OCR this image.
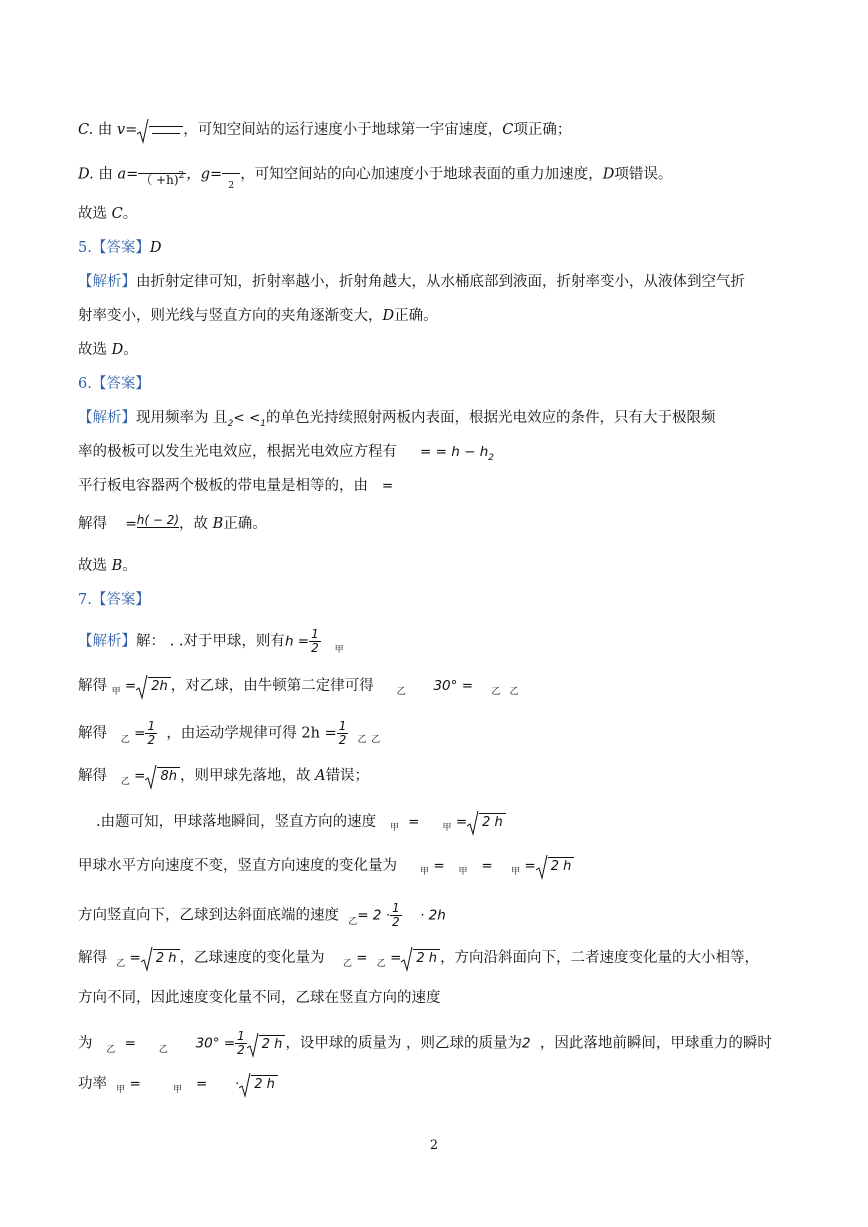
C. 由 v=	，可知空间站的运行速度小于地球第一宇宙速度，C项正确；
D. 由 a=
（ +h)$^2$ ，g=

$_2$
，可知空间站的向心加速度小于地球表面的重力加速度，D项错误。
故选 C。
5.【答案】D
【解析】由折射定律可知，折射率越小，折射角越大，从水桶底部到液面，折射率变小，从液体到空气折
射率变小，则光线与竖直方向的夹角逐渐变大，D正确。
故选 D。
6.【答案】
【解析】现用频率为 且$_2< <_1$的单色光持续照射两板内表面，根据光电效应的条件，只有大于极限频
率的极板可以发生光电效应，根据光电效应方程有 = = $h - h_2$
平行板电容器两个极板的带电量是相等的，由 =
解得 = h( − 2)
，故 B正确。
故选 B。
7.【答案】
【解析】解： . .对于甲球，则有$h = \frac{1}{2} _甲$
解得 $_甲$ = 2h ，对乙球，由牛顿第二定律可得	$_乙$ 30° = $_乙$ $_乙$
解得 $_乙 = \frac{1}{2}$ ，由运动学规律可得 $2h = \frac{1}{2} _乙$ $_乙$
解得 $_乙$ = 8h ，则甲球先落地，故 A错误；
.由题可知，甲球落地瞬间，竖直方向的速度 $_甲$ =	$_甲$ = 2 h
甲球水平方向速度不变，竖直方向速度的变化量为	$_甲$ = $_甲$ = $_甲$ = 2 h
方向竖直向下，乙球到达斜面底端的速度 $_乙= 2 \cdot \frac{1}{2} \cdot 2h$
解得 $_乙$ = 2 h ，乙球速度的变化量为 $_乙$ = $_乙$ = 2 h ，方向沿斜面向下，二者速度变化量的大小相等，
方向不同，因此速度变化量不同，乙球在竖直方向的速度
为 $_乙$ =	$_乙$ $30^\circ = \frac{1}{2} 2$ h ，设甲球的质量为 ，则乙球的质量为2 ，因此落地前瞬间，甲球重力的瞬时
功率 $_甲$ =	$_甲$ = · 2 h
2
